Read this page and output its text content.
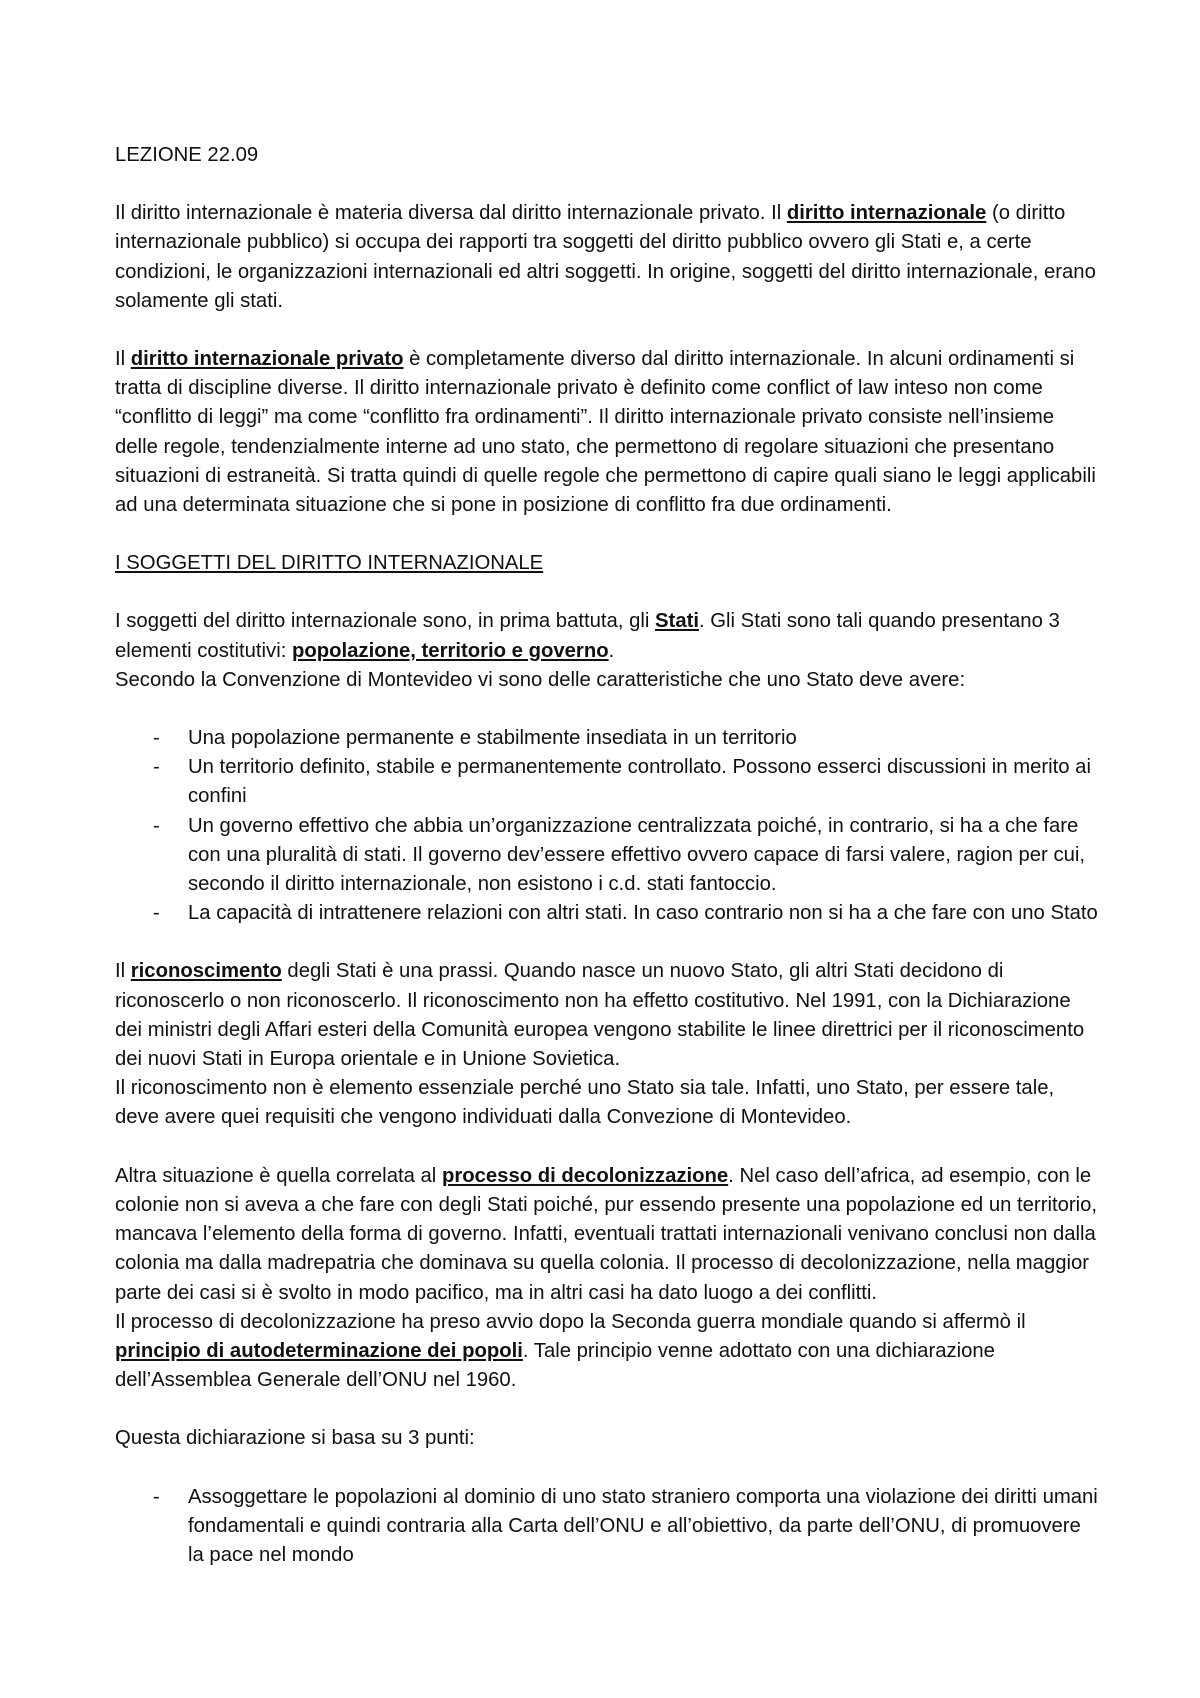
LEZIONE 22.09

Il diritto internazionale è materia diversa dal diritto internazionale privato. Il diritto internazionale (o diritto internazionale pubblico) si occupa dei rapporti tra soggetti del diritto pubblico ovvero gli Stati e, a certe condizioni, le organizzazioni internazionali ed altri soggetti. In origine, soggetti del diritto internazionale, erano solamente gli stati.

Il diritto internazionale privato è completamente diverso dal diritto internazionale. In alcuni ordinamenti si tratta di discipline diverse. Il diritto internazionale privato è definito come conflict of law inteso non come “conflitto di leggi” ma come “conflitto fra ordinamenti”. Il diritto internazionale privato consiste nell’insieme delle regole, tendenzialmente interne ad uno stato, che permettono di regolare situazioni che presentano situazioni di estraneità. Si tratta quindi di quelle regole che permettono di capire quali siano le leggi applicabili ad una determinata situazione che si pone in posizione di conflitto fra due ordinamenti.

I SOGGETTI DEL DIRITTO INTERNAZIONALE

I soggetti del diritto internazionale sono, in prima battuta, gli Stati. Gli Stati sono tali quando presentano 3 elementi costitutivi: popolazione, territorio e governo.

Secondo la Convenzione di Montevideo vi sono delle caratteristiche che uno Stato deve avere:

- Una popolazione permanente e stabilmente insediata in un territorio
- Un territorio definito, stabile e permanentemente controllato. Possono esserci discussioni in merito ai confini
- Un governo effettivo che abbia un’organizzazione centralizzata poiché, in contrario, si ha a che fare con una pluralità di stati. Il governo dev’essere effettivo ovvero capace di farsi valere, ragion per cui, secondo il diritto internazionale, non esistono i c.d. stati fantoccio.
- La capacità di intrattenere relazioni con altri stati. In caso contrario non si ha a che fare con uno Stato

Il riconoscimento degli Stati è una prassi. Quando nasce un nuovo Stato, gli altri Stati decidono di riconoscerlo o non riconoscerlo. Il riconoscimento non ha effetto costitutivo. Nel 1991, con la Dichiarazione dei ministri degli Affari esteri della Comunità europea vengono stabilite le linee direttrici per il riconoscimento dei nuovi Stati in Europa orientale e in Unione Sovietica.

Il riconoscimento non è elemento essenziale perché uno Stato sia tale. Infatti, uno Stato, per essere tale, deve avere quei requisiti che vengono individuati dalla Convezione di Montevideo.

Altra situazione è quella correlata al processo di decolonizzazione. Nel caso dell’africa, ad esempio, con le colonie non si aveva a che fare con degli Stati poiché, pur essendo presente una popolazione ed un territorio, mancava l’elemento della forma di governo. Infatti, eventuali trattati internazionali venivano conclusi non dalla colonia ma dalla madrepatria che dominava su quella colonia. Il processo di decolonizzazione, nella maggior parte dei casi si è svolto in modo pacifico, ma in altri casi ha dato luogo a dei conflitti.

Il processo di decolonizzazione ha preso avvio dopo la Seconda guerra mondiale quando si affermò il principio di autodeterminazione dei popoli. Tale principio venne adottato con una dichiarazione dell’Assemblea Generale dell’ONU nel 1960.

Questa dichiarazione si basa su 3 punti:

- Assoggettare le popolazioni al dominio di uno stato straniero comporta una violazione dei diritti umani fondamentali e quindi contraria alla Carta dell’ONU e all’obiettivo, da parte dell’ONU, di promuovere la pace nel mondo
